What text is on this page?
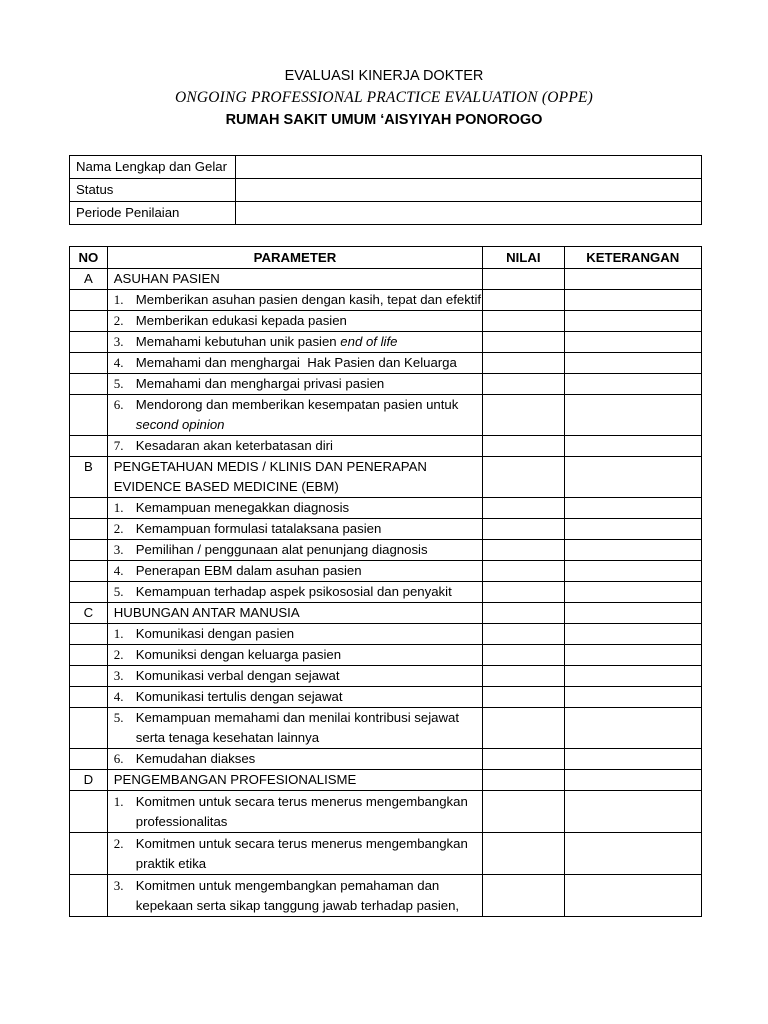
EVALUASI KINERJA DOKTER
ONGOING PROFESSIONAL PRACTICE EVALUATION (OPPE)
RUMAH SAKIT UMUM ‘AISYIYAH PONOROGO
Nama Lengkap dan Gelar	
Status	
Periode Penilaian	
NO	PARAMETER	NILAI	KETERANGAN
A	ASUHAN PASIEN		
	1. Memberikan asuhan pasien dengan kasih, tepat dan efektif		
	2. Memberikan edukasi kepada pasien		
	3. Memahami kebutuhan unik pasien end of life		
	4. Memahami dan menghargai  Hak Pasien dan Keluarga		
	5. Memahami dan menghargai privasi pasien		
	6. Mendorong dan memberikan kesempatan pasien untuk
second opinion		

	7. Kesadaran akan keterbatasan diri		
B	PENGETAHUAN MEDIS / KLINIS DAN PENERAPAN
EVIDENCE BASED MEDICINE (EBM)		

	1. Kemampuan menegakkan diagnosis		
	2. Kemampuan formulasi tatalaksana pasien		
	3. Pemilihan / penggunaan alat penunjang diagnosis		
	4. Penerapan EBM dalam asuhan pasien		
	5. Kemampuan terhadap aspek psikososial dan penyakit		
C	HUBUNGAN ANTAR MANUSIA		
	1. Komunikasi dengan pasien		
	2. Komuniksi dengan keluarga pasien		
	3. Komunikasi verbal dengan sejawat		
	4. Komunikasi tertulis dengan sejawat		
	5. Kemampuan memahami dan menilai kontribusi sejawat
serta tenaga kesehatan lainnya		

	6. Kemudahan diakses		
D	PENGEMBANGAN PROFESIONALISME		
	1. Komitmen untuk secara terus menerus mengembangkan
professionalitas		

	2. Komitmen untuk secara terus menerus mengembangkan
praktik etika		

	3. Komitmen untuk mengembangkan pemahaman dan
kepekaan serta sikap tanggung jawab terhadap pasien,		
